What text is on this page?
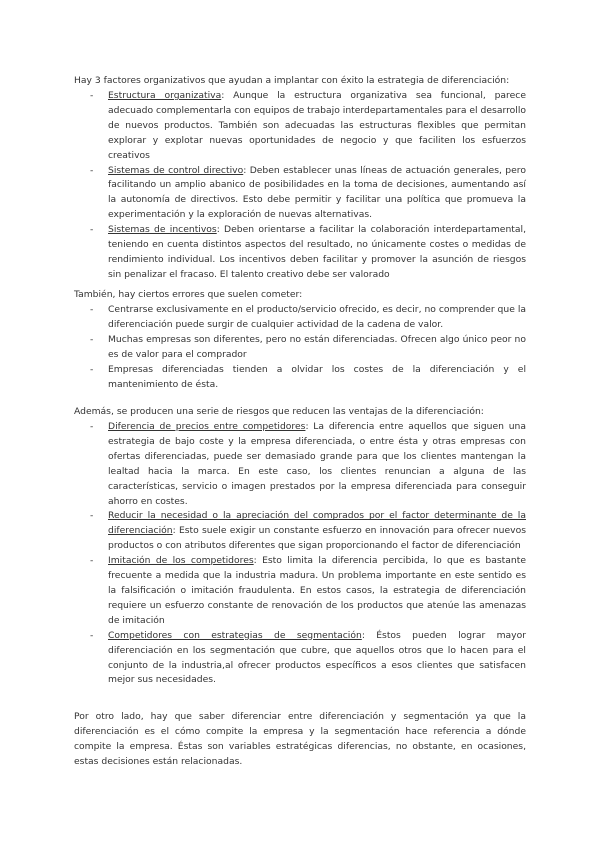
Hay 3 factores organizativos que ayudan a implantar con éxito la estrategia de diferenciación:

- Estructura organizativa: Aunque la estructura organizativa sea funcional, parece adecuado complementarla con equipos de trabajo interdepartamentales para el desarrollo de nuevos productos. También son adecuadas las estructuras flexibles que permitan explorar y explotar nuevas oportunidades de negocio y que faciliten los esfuerzos creativos
- Sistemas de control directivo: Deben establecer unas líneas de actuación generales, pero facilitando un amplio abanico de posibilidades en la toma de decisiones, aumentando así la autonomía de directivos. Esto debe permitir y facilitar una política que promueva la experimentación y la exploración de nuevas alternativas.
- Sistemas de incentivos: Deben orientarse a facilitar la colaboración interdepartamental, teniendo en cuenta distintos aspectos del resultado, no únicamente costes o medidas de rendimiento individual. Los incentivos deben facilitar y promover la asunción de riesgos sin penalizar el fracaso. El talento creativo debe ser valorado

También, hay ciertos errores que suelen cometer:

- Centrarse exclusivamente en el producto/servicio ofrecido, es decir, no comprender que la diferenciación puede surgir de cualquier actividad de la cadena de valor.
- Muchas empresas son diferentes, pero no están diferenciadas. Ofrecen algo único peor no es de valor para el comprador
- Empresas diferenciadas tienden a olvidar los costes de la diferenciación y el mantenimiento de ésta.

Además, se producen una serie de riesgos que reducen las ventajas de la diferenciación:

- Diferencia de precios entre competidores: La diferencia entre aquellos que siguen una estrategia de bajo coste y la empresa diferenciada, o entre ésta y otras empresas con ofertas diferenciadas, puede ser demasiado grande para que los clientes mantengan la lealtad hacia la marca. En este caso, los clientes renuncian a alguna de las características, servicio o imagen prestados por la empresa diferenciada para conseguir ahorro en costes.
- Reducir la necesidad o la apreciación del comprados por el factor determinante de la diferenciación: Esto suele exigir un constante esfuerzo en innovación para ofrecer nuevos productos o con atributos diferentes que sigan proporcionando el factor de diferenciación
- Imitación de los competidores: Esto limita la diferencia percibida, lo que es bastante frecuente a medida que la industria madura. Un problema importante en este sentido es la falsificación o imitación fraudulenta. En estos casos, la estrategia de diferenciación requiere un esfuerzo constante de renovación de los productos que atenúe las amenazas de imitación
- Competidores con estrategias de segmentación: Éstos pueden lograr mayor diferenciación en los segmentación que cubre, que aquellos otros que lo hacen para el conjunto de la industria,al ofrecer productos específicos a esos clientes que satisfacen mejor sus necesidades.

Por otro lado, hay que saber diferenciar entre diferenciación y segmentación ya que la diferenciación es el cómo compite la empresa y la segmentación hace referencia a dónde compite la empresa. Éstas son variables estratégicas diferencias, no obstante, en ocasiones, estas decisiones están relacionadas.
